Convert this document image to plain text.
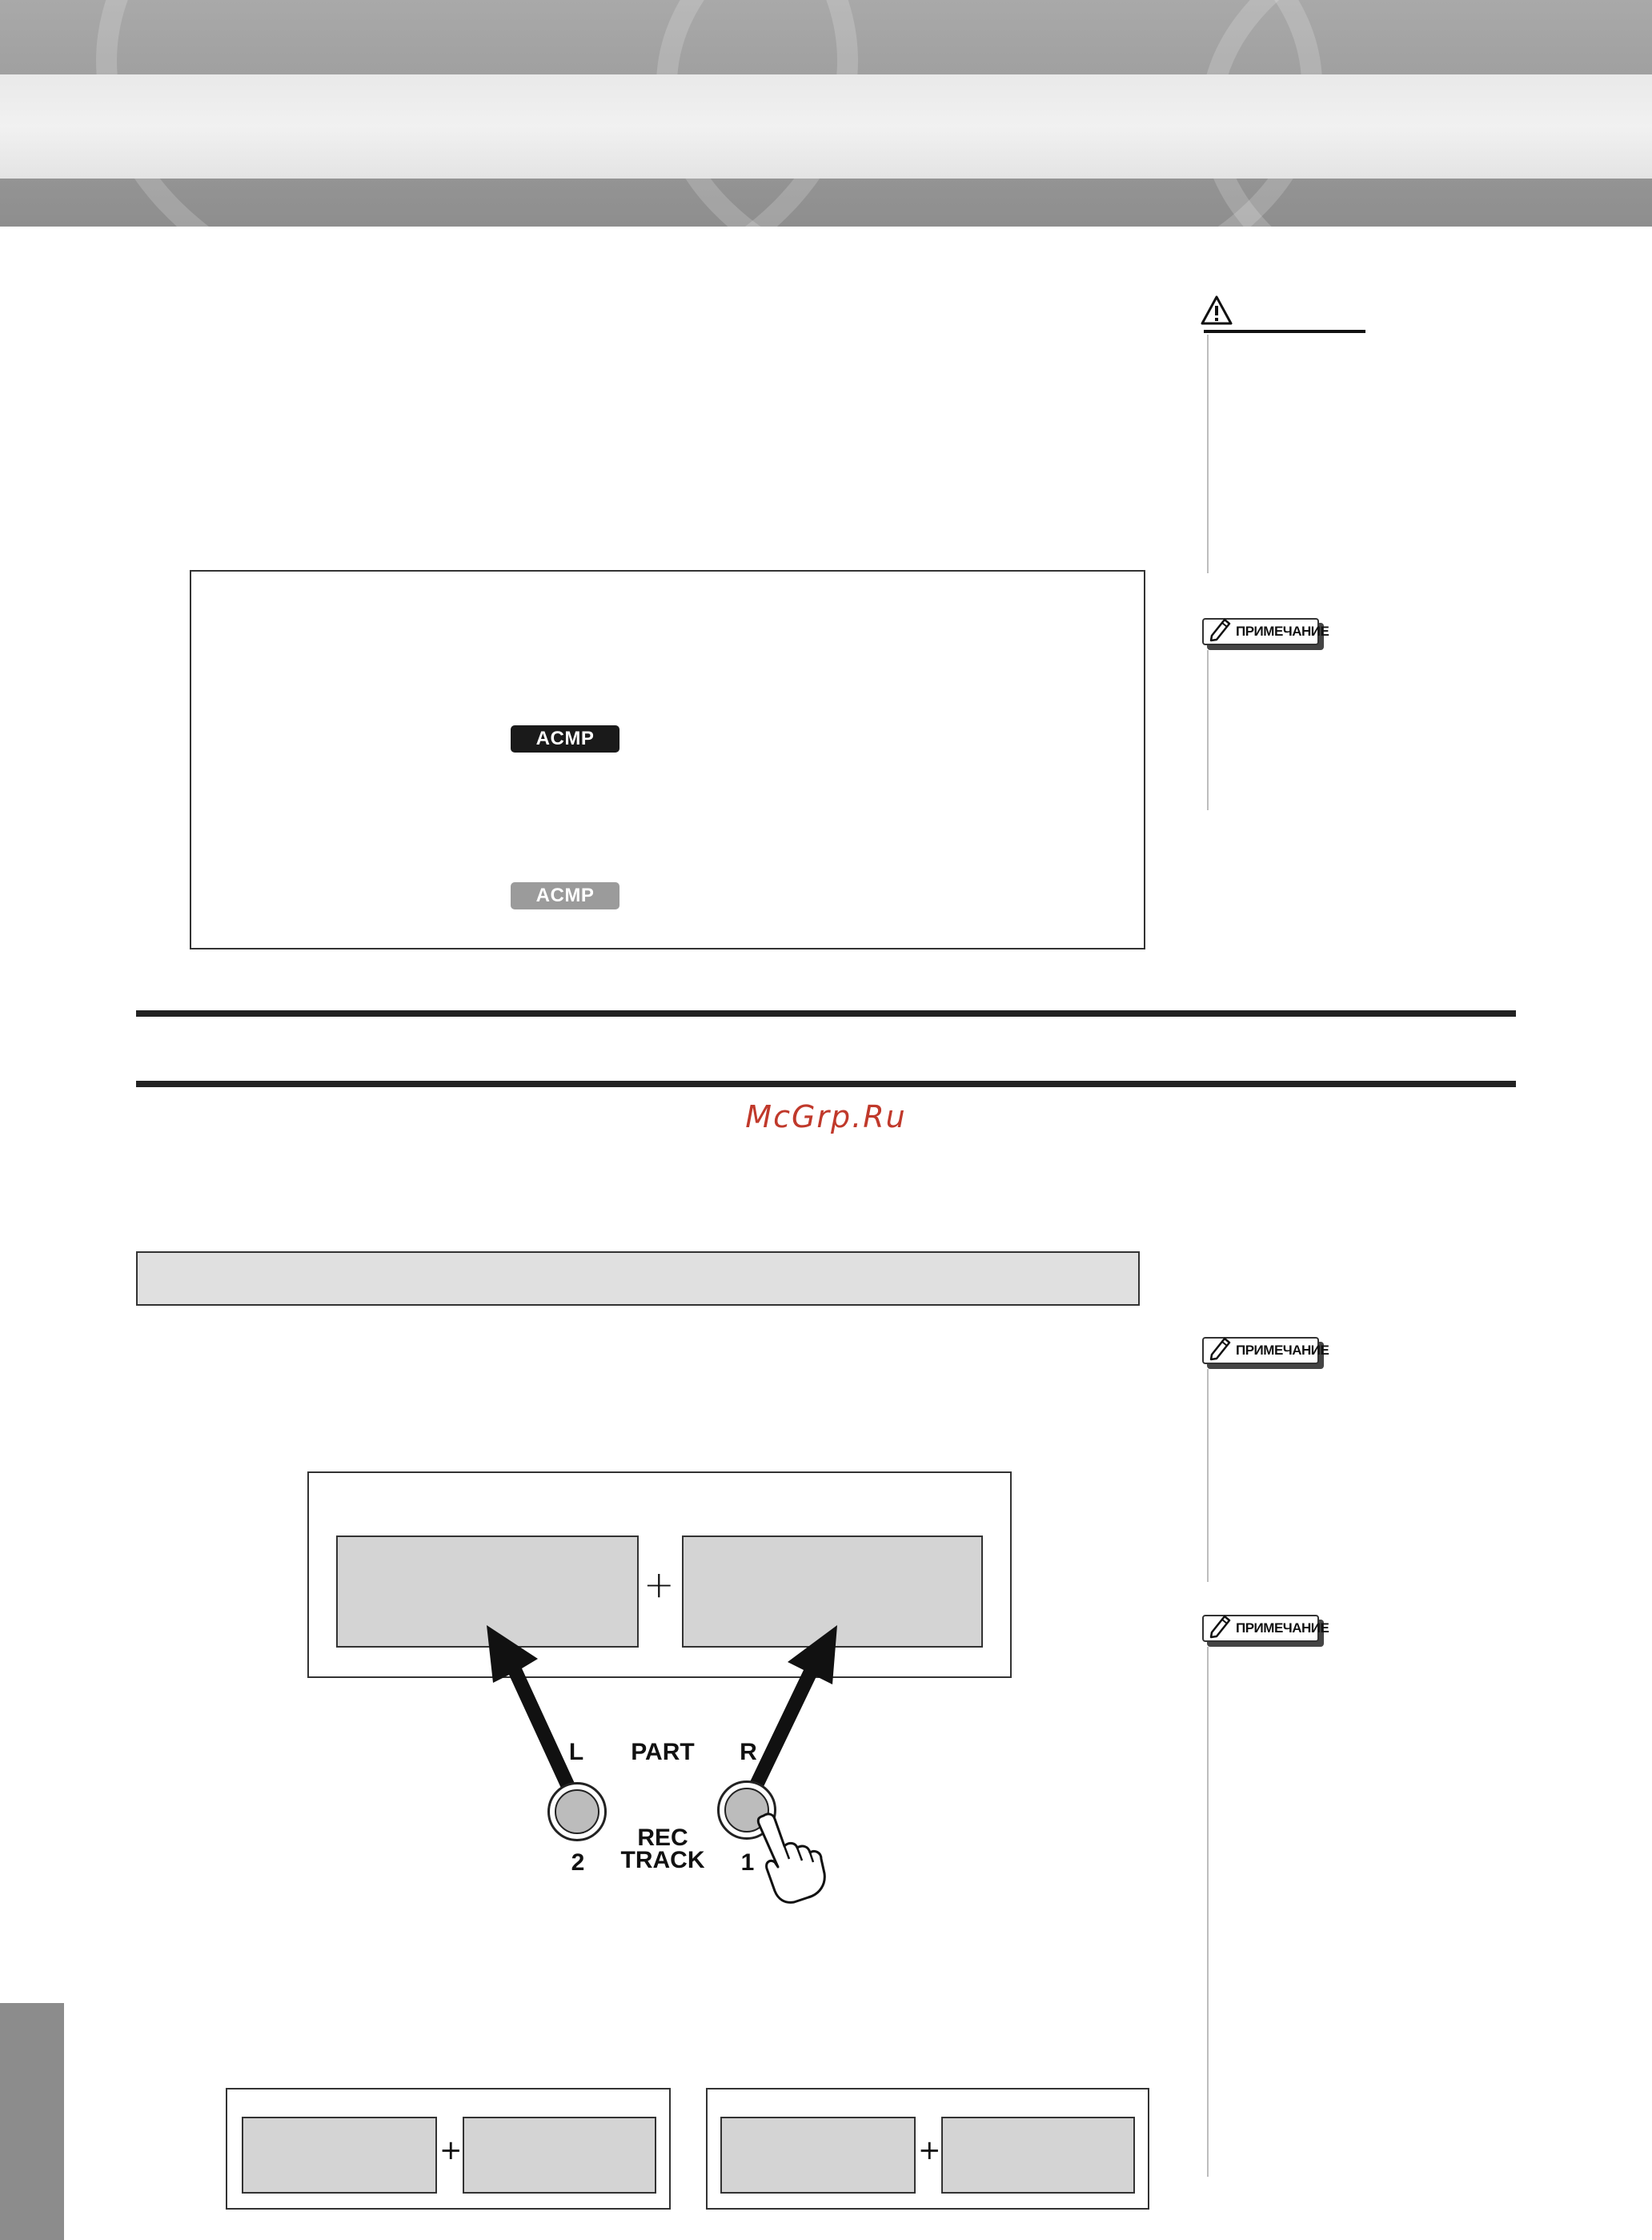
ПРИМЕЧАНИЕ
ACMP ON
ACMP ON
McGrp.Ru
ПРИМЕЧАНИЕ
ПРИМЕЧАНИЕ
+
L	PART	R
REC
TRACK
2	1
+	+
